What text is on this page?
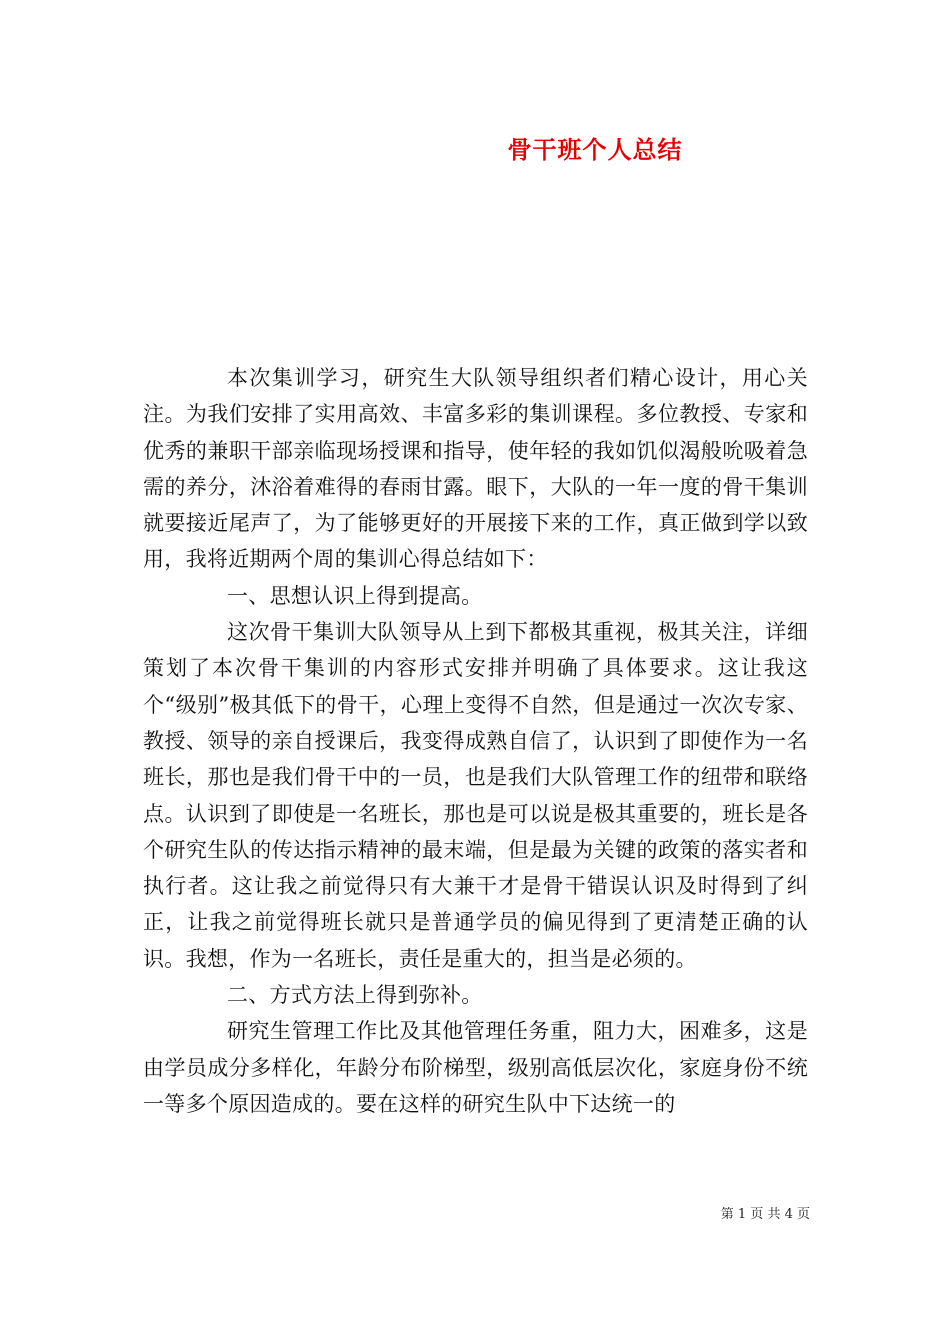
骨干班个人总结

本次集训学习，研究生大队领导组织者们精心设计，用心关注。为我们安排了实用高效、丰富多彩的集训课程。多位教授、专家和优秀的兼职干部亲临现场授课和指导，使年轻的我如饥似渴般吮吸着急需的养分，沐浴着难得的春雨甘露。眼下，大队的一年一度的骨干集训就要接近尾声了，为了能够更好的开展接下来的工作，真正做到学以致用，我将近期两个周的集训心得总结如下：

一、思想认识上得到提高。

这次骨干集训大队领导从上到下都极其重视，极其关注，详细策划了本次骨干集训的内容形式安排并明确了具体要求。这让我这个“级别”极其低下的骨干，心理上变得不自然，但是通过一次次专家、教授、领导的亲自授课后，我变得成熟自信了，认识到了即使作为一名班长，那也是我们骨干中的一员，也是我们大队管理工作的纽带和联络点。认识到了即使是一名班长，那也是可以说是极其重要的，班长是各个研究生队的传达指示精神的最末端，但是最为关键的政策的落实者和执行者。这让我之前觉得只有大兼干才是骨干错误认识及时得到了纠正，让我之前觉得班长就只是普通学员的偏见得到了更清楚正确的认识。我想，作为一名班长，责任是重大的，担当是必须的。

二、方式方法上得到弥补。

研究生管理工作比及其他管理任务重，阻力大，困难多，这是由学员成分多样化，年龄分布阶梯型，级别高低层次化，家庭身份不统一等多个原因造成的。要在这样的研究生队中下达统一的

第 1 页 共 4 页
